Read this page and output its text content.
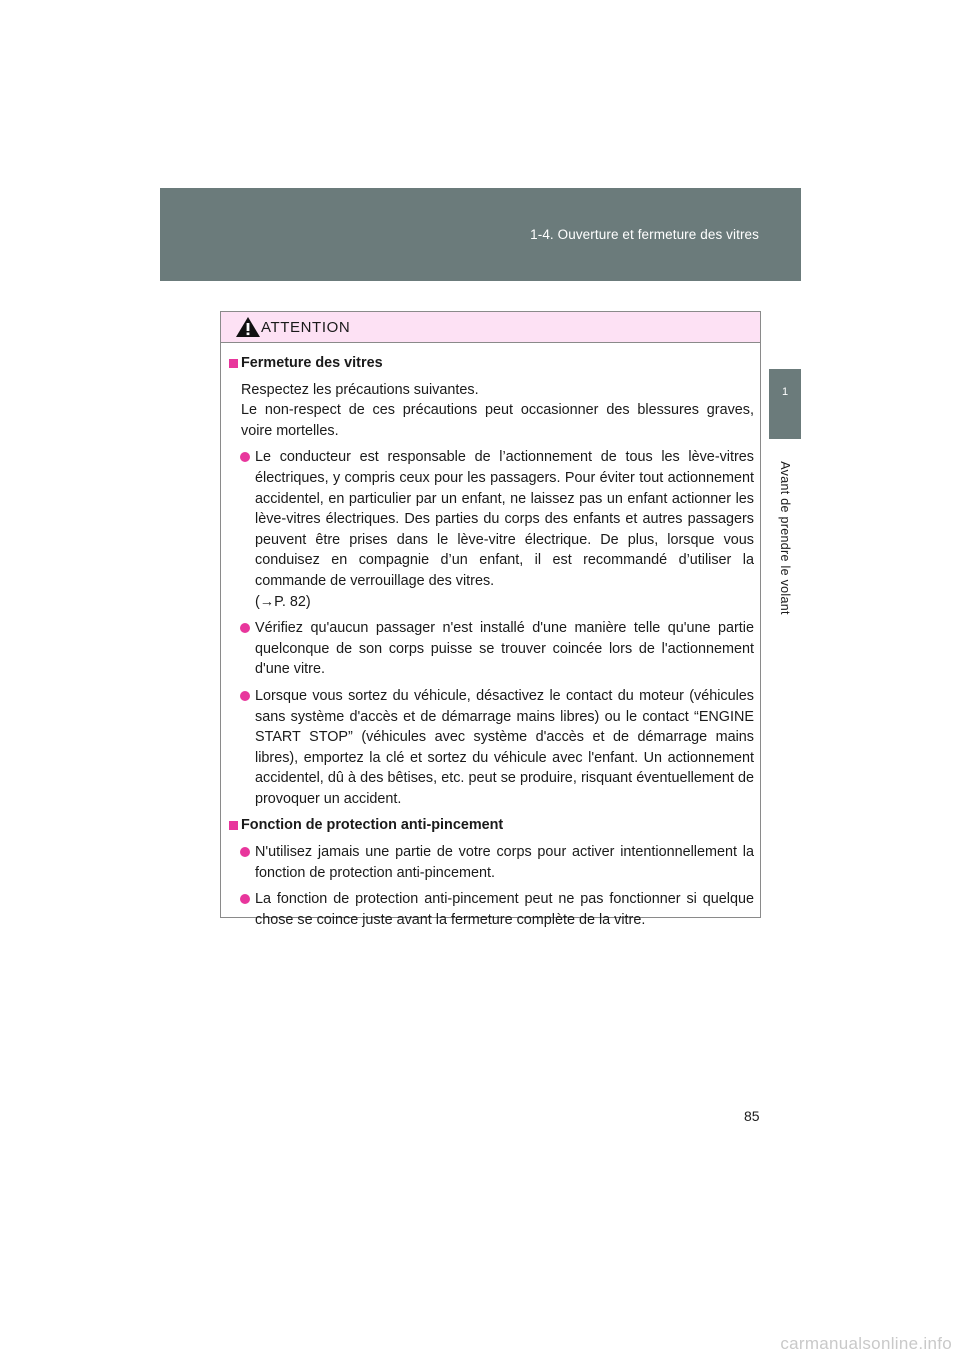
1-4. Ouverture et fermeture des vitres
1
Avant de prendre le volant
ATTENTION
Fermeture des vitres

Respectez les précautions suivantes.

Le non-respect de ces précautions peut occasionner des blessures graves, voire mortelles.

Le conducteur est responsable de l’actionnement de tous les lève-vitres électriques, y compris ceux pour les passagers. Pour éviter tout actionnement accidentel, en particulier par un enfant, ne laissez pas un enfant actionner les lève-vitres électriques. Des parties du corps des enfants et autres passagers peuvent être prises dans le lève-vitre électrique. De plus, lorsque vous conduisez en compagnie d’un enfant, il est recommandé d’utiliser la commande de verrouillage des vitres.
(→P. 82)
Vérifiez qu'aucun passager n'est installé d'une manière telle qu'une partie quelconque de son corps puisse se trouver coincée lors de l'actionnement d'une vitre.
Lorsque vous sortez du véhicule, désactivez le contact du moteur (véhicules sans système d'accès et de démarrage mains libres) ou le contact “ENGINE START STOP” (véhicules avec système d'accès et de démarrage mains libres), emportez la clé et sortez du véhicule avec l'enfant. Un actionnement accidentel, dû à des bêtises, etc. peut se produire, risquant éventuellement de provoquer un accident.
Fonction de protection anti-pincement
N'utilisez jamais une partie de votre corps pour activer intentionnellement la fonction de protection anti-pincement.
La fonction de protection anti-pincement peut ne pas fonctionner si quelque chose se coince juste avant la fermeture complète de la vitre.
85
carmanualsonline.info
